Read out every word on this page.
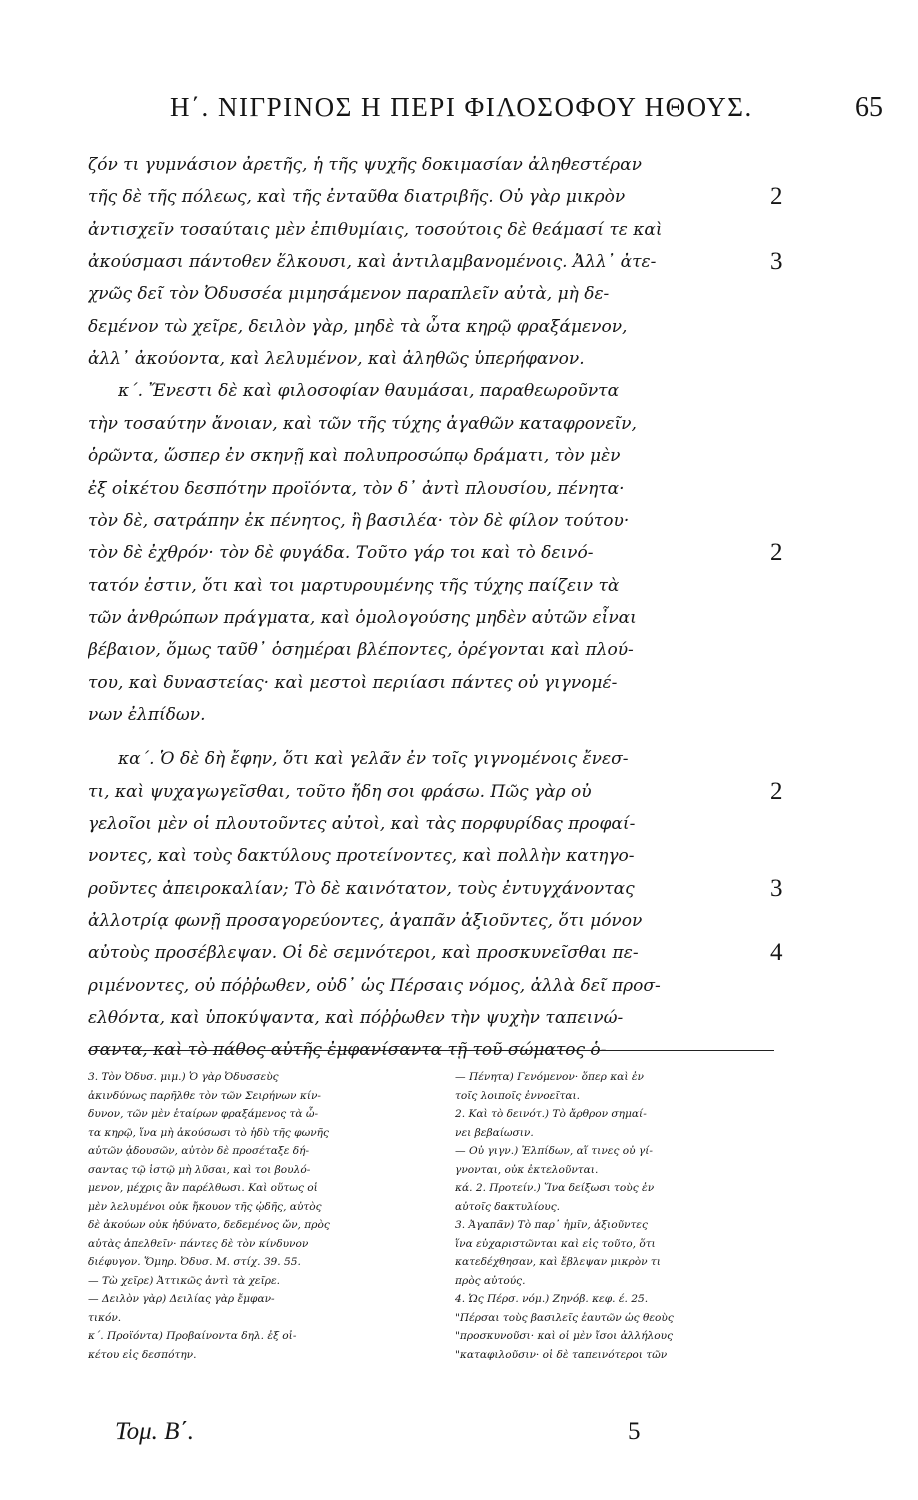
Η΄. ΝΙΓΡΙΝΟΣ Η ΠΕΡΙ ΦΙΛΟΣΟΦΟΥ ΗΘΟΥΣ.	65
ζόν τι γυμνάσιον ἀρετῆς, ἡ τῆς ψυχῆς δοκιμασίαν ἀληθεστέραν
τῆς δὲ τῆς πόλεως, καὶ τῆς ἐνταῦθα διατριβῆς. Οὐ γὰρ μικρὸν	2
ἀντισχεῖν τοσαύταις μὲν ἐπιθυμίαις, τοσούτοις δὲ θεάμασί τε καὶ
ἀκούσμασι πάντοθεν ἕλκουσι, καὶ ἀντιλαμβανομένοις. Ἀλλ᾽ ἀτε-	3
χνῶς δεῖ τὸν Ὀδυσσέα μιμησάμενον παραπλεῖν αὐτὰ, μὴ δε-
δεμένον τὼ χεῖρε, δειλὸν γὰρ, μηδὲ τὰ ὦτα κηρῷ φραξάμενον,
ἀλλ᾽ ἀκούοντα, καὶ λελυμένον, καὶ ἀληθῶς ὑπερήφανον.
κ΄. Ἔνεστι δὲ καὶ φιλοσοφίαν θαυμάσαι, παραθεωροῦντα
τὴν τοσαύτην ἄνοιαν, καὶ τῶν τῆς τύχης ἀγαθῶν καταφρονεῖν,
ὁρῶντα, ὥσπερ ἐν σκηνῇ καὶ πολυπροσώπῳ δράματι, τὸν μὲν
ἐξ οἰκέτου δεσπότην προϊόντα, τὸν δ᾽ ἀντὶ πλουσίου, πένητα·
τὸν δὲ, σατράπην ἐκ πένητος, ἢ βασιλέα· τὸν δὲ φίλον τούτου·
τὸν δὲ ἐχθρόν· τὸν δὲ φυγάδα. Τοῦτο γάρ τοι καὶ τὸ δεινό-	2
τατόν ἐστιν, ὅτι καὶ τοι μαρτυρουμένης τῆς τύχης παίζειν τὰ
τῶν ἀνθρώπων πράγματα, καὶ ὁμολογούσης μηδὲν αὐτῶν εἶναι
βέβαιον, ὅμως ταῦθ᾽ ὁσημέραι βλέποντες, ὀρέγονται καὶ πλού-
του, καὶ δυναστείας· καὶ μεστοὶ περιίασι πάντες οὐ γιγνομέ-
νων ἐλπίδων.
κα΄. Ὁ δὲ δὴ ἔφην, ὅτι καὶ γελᾶν ἐν τοῖς γιγνομένοις ἔνεσ-
τι, καὶ ψυχαγωγεῖσθαι, τοῦτο ἤδη σοι φράσω. Πῶς γὰρ οὐ	2
γελοῖοι μὲν οἱ πλουτοῦντες αὐτοὶ, καὶ τὰς πορφυρίδας προφαί-
νοντες, καὶ τοὺς δακτύλους προτείνοντες, καὶ πολλὴν κατηγο-
ροῦντες ἀπειροκαλίαν; Τὸ δὲ καινότατον, τοὺς ἐντυγχάνοντας	3
ἀλλοτρίᾳ φωνῇ προσαγορεύοντες, ἀγαπᾶν ἀξιοῦντες, ὅτι μόνον
αὐτοὺς προσέβλεψαν. Οἱ δὲ σεμνότεροι, καὶ προσκυνεῖσθαι πε-	4
ριμένοντες, οὐ πόῤῥωθεν, οὐδ᾽ ὡς Πέρσαις νόμος, ἀλλὰ δεῖ προσ-
ελθόντα, καὶ ὑποκύψαντα, καὶ πόῤῥωθεν τὴν ψυχὴν ταπεινώ-
σαντα, καὶ τὸ πάθος αὐτῆς ἐμφανίσαντα τῇ τοῦ σώματος ὁ-
3. Τὸν Ὀδυσ. μιμ.) Ὁ γὰρ Ὀδυσσεὺς
ἀκινδύνως παρῆλθε τὸν τῶν Σειρήνων κίν-
δυνον, τῶν μὲν ἑταίρων φραξάμενος τὰ ὦ-
τα κηρῷ, ἵνα μὴ ἀκούσωσι τὸ ἡδὺ τῆς φωνῆς
αὐτῶν ᾀδουσῶν, αὐτὸν δὲ προσέταξε δή-
σαντας τῷ ἱστῷ μὴ λῦσαι, καὶ τοι βουλό-
μενον, μέχρις ἂν παρέλθωσι. Καὶ οὕτως οἱ
μὲν λελυμένοι οὐκ ἤκουον τῆς ᾠδῆς, αὐτὸς
δὲ ἀκούων οὐκ ἠδύνατο, δεδεμένος ὤν, πρὸς
αὐτὰς ἀπελθεῖν· πάντες δὲ τὸν κίνδυνον
διέφυγον. Ὅμηρ. Ὀδυσ. Μ. στίχ. 39. 55.
— Τὼ χεῖρε) Ἀττικῶς ἀντὶ τὰ χεῖρε.
— Δειλὸν γὰρ) Δειλίας γὰρ ἔμφαν-
τικόν.
κ΄. Προϊόντα) Προβαίνοντα δηλ. ἐξ οἰ-
κέτου εἰς δεσπότην.
— Πένητα) Γενόμενον· ὅπερ καὶ ἐν
τοῖς λοιποῖς ἐννοεῖται.
2. Καὶ τὸ δεινότ.) Τὸ ἄρθρον σημαί-
νει βεβαίωσιν.
— Οὐ γιγν.) Ἐλπίδων, αἵ τινες οὐ γί-
γνονται, οὐκ ἐκτελοῦνται.
κά. 2. Προτείν.) Ἵνα δείξωσι τοὺς ἐν
αὐτοῖς δακτυλίους.
3. Ἀγαπᾶν) Τὸ παρ᾽ ἡμῖν, ἀξιοῦντες
ἵνα εὐχαριστῶνται καὶ εἰς τοῦτο, ὅτι
κατεδέχθησαν, καὶ ἔβλεψαν μικρὸν τι
πρὸς αὐτούς.
4. Ὡς Πέρσ. νόμ.) Ζηνόβ. κεφ. έ. 25.
"Πέρσαι τοὺς βασιλεῖς ἑαυτῶν ὡς θεοὺς
"προσκυνοῦσι· καὶ οἱ μὲν ἴσοι ἀλλήλους
"καταφιλοῦσιν· οἱ δὲ ταπεινότεροι τῶν
Τομ. Β΄.	5
